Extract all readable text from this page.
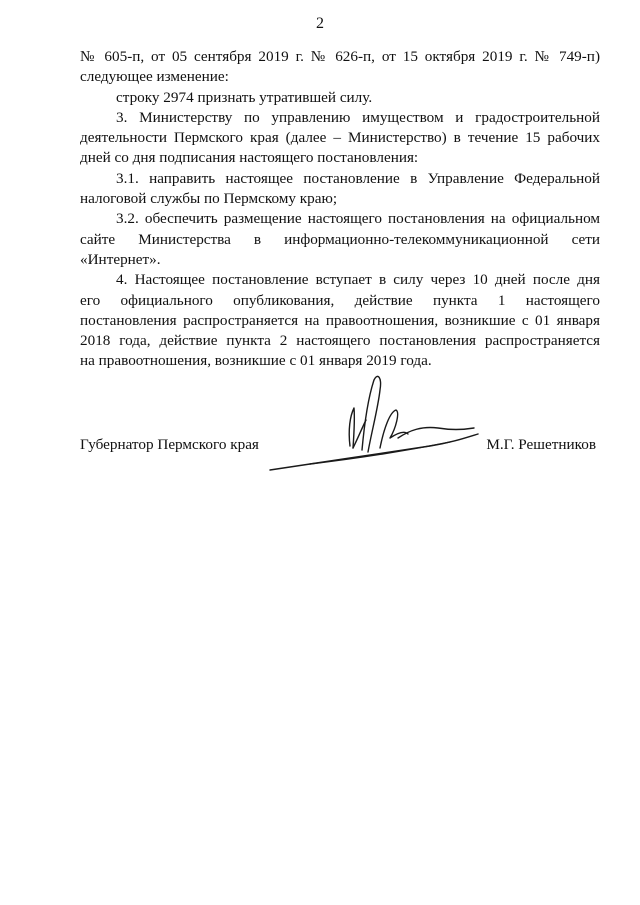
2
№ 605-п, от 05 сентября 2019 г. № 626-п, от 15 октября 2019 г. № 749-п)
следующее изменение:
строку 2974 признать утратившей силу.
3. Министерству по управлению имуществом и градостроительной
деятельности Пермского края (далее – Министерство) в течение 15 рабочих
дней со дня подписания настоящего постановления:
3.1. направить настоящее постановление в Управление Федеральной
налоговой службы по Пермскому краю;
3.2. обеспечить размещение настоящего постановления на официальном
сайте Министерства в информационно-телекоммуникационной сети
«Интернет».
4. Настоящее постановление вступает в силу через 10 дней после дня
его официального опубликования, действие пункта 1 настоящего
постановления распространяется на правоотношения, возникшие с 01 января
2018 года, действие пункта 2 настоящего постановления распространяется
на правоотношения, возникшие с 01 января 2019 года.
Губернатор Пермского края	М.Г. Решетников
